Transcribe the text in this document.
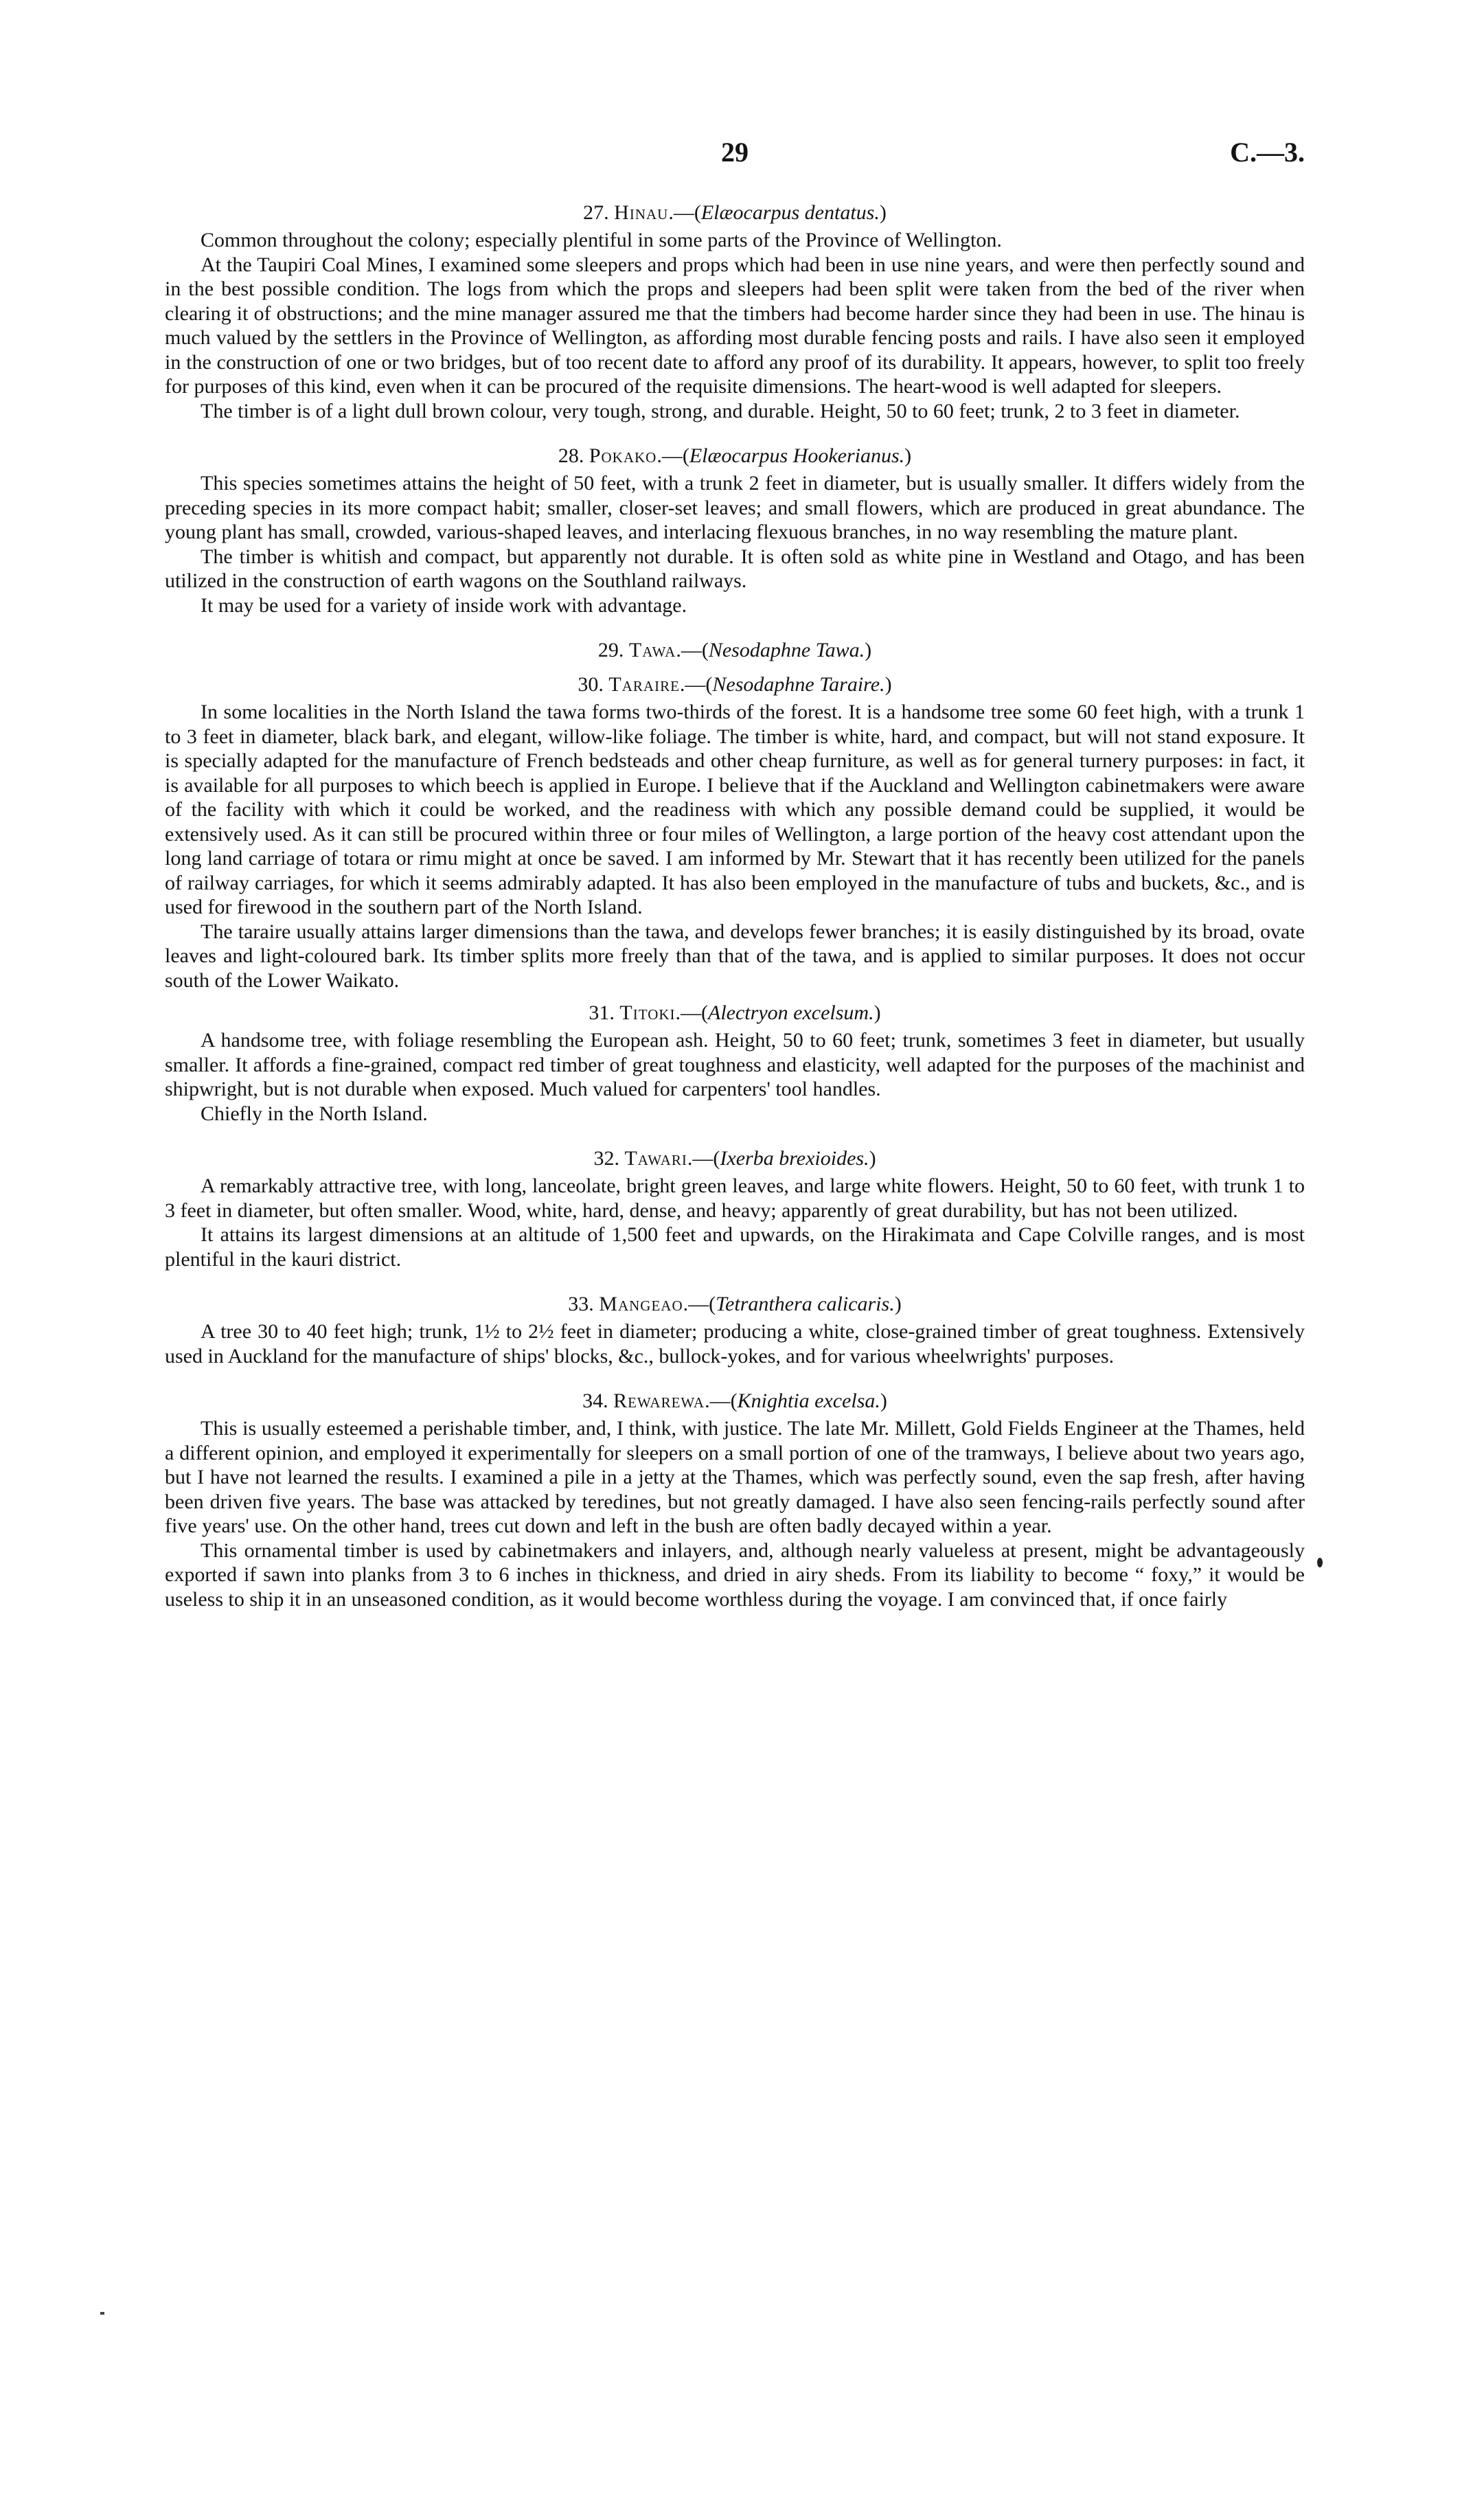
29	C.—3.
27. Hinau.—(Elæocarpus dentatus.)

Common throughout the colony; especially plentiful in some parts of the Province of Wellington.

At the Taupiri Coal Mines, I examined some sleepers and props which had been in use nine years, and were then perfectly sound and in the best possible condition. The logs from which the props and sleepers had been split were taken from the bed of the river when clearing it of obstructions; and the mine manager assured me that the timbers had become harder since they had been in use. The hinau is much valued by the settlers in the Province of Wellington, as affording most durable fencing posts and rails. I have also seen it employed in the construction of one or two bridges, but of too recent date to afford any proof of its durability. It appears, however, to split too freely for purposes of this kind, even when it can be procured of the requisite dimensions. The heart-wood is well adapted for sleepers.

The timber is of a light dull brown colour, very tough, strong, and durable. Height, 50 to 60 feet; trunk, 2 to 3 feet in diameter.

28. Pokako.—(Elæocarpus Hookerianus.)

This species sometimes attains the height of 50 feet, with a trunk 2 feet in diameter, but is usually smaller. It differs widely from the preceding species in its more compact habit; smaller, closer-set leaves; and small flowers, which are produced in great abundance. The young plant has small, crowded, various-shaped leaves, and interlacing flexuous branches, in no way resembling the mature plant.

The timber is whitish and compact, but apparently not durable. It is often sold as white pine in Westland and Otago, and has been utilized in the construction of earth wagons on the Southland railways.

It may be used for a variety of inside work with advantage.

29. Tawa.—(Nesodaphne Tawa.)
30. Taraire.—(Nesodaphne Taraire.)

In some localities in the North Island the tawa forms two-thirds of the forest. It is a handsome tree some 60 feet high, with a trunk 1 to 3 feet in diameter, black bark, and elegant, willow-like foliage. The timber is white, hard, and compact, but will not stand exposure. It is specially adapted for the manufacture of French bedsteads and other cheap furniture, as well as for general turnery purposes: in fact, it is available for all purposes to which beech is applied in Europe. I believe that if the Auckland and Wellington cabinetmakers were aware of the facility with which it could be worked, and the readiness with which any possible demand could be supplied, it would be extensively used. As it can still be procured within three or four miles of Wellington, a large portion of the heavy cost attendant upon the long land carriage of totara or rimu might at once be saved. I am informed by Mr. Stewart that it has recently been utilized for the panels of railway carriages, for which it seems admirably adapted. It has also been employed in the manufacture of tubs and buckets, &c., and is used for firewood in the southern part of the North Island.

The taraire usually attains larger dimensions than the tawa, and develops fewer branches; it is easily distinguished by its broad, ovate leaves and light-coloured bark. Its timber splits more freely than that of the tawa, and is applied to similar purposes. It does not occur south of the Lower Waikato.

31. Titoki.—(Alectryon excelsum.)

A handsome tree, with foliage resembling the European ash. Height, 50 to 60 feet; trunk, sometimes 3 feet in diameter, but usually smaller. It affords a fine-grained, compact red timber of great toughness and elasticity, well adapted for the purposes of the machinist and shipwright, but is not durable when exposed. Much valued for carpenters' tool handles.

Chiefly in the North Island.

32. Tawari.—(Ixerba brexioides.)

A remarkably attractive tree, with long, lanceolate, bright green leaves, and large white flowers. Height, 50 to 60 feet, with trunk 1 to 3 feet in diameter, but often smaller. Wood, white, hard, dense, and heavy; apparently of great durability, but has not been utilized.

It attains its largest dimensions at an altitude of 1,500 feet and upwards, on the Hirakimata and Cape Colville ranges, and is most plentiful in the kauri district.

33. Mangeao.—(Tetranthera calicaris.)

A tree 30 to 40 feet high; trunk, 1½ to 2½ feet in diameter; producing a white, close-grained timber of great toughness. Extensively used in Auckland for the manufacture of ships' blocks, &c., bullock-yokes, and for various wheelwrights' purposes.

34. Rewarewa.—(Knightia excelsa.)

This is usually esteemed a perishable timber, and, I think, with justice. The late Mr. Millett, Gold Fields Engineer at the Thames, held a different opinion, and employed it experimentally for sleepers on a small portion of one of the tramways, I believe about two years ago, but I have not learned the results. I examined a pile in a jetty at the Thames, which was perfectly sound, even the sap fresh, after having been driven five years. The base was attacked by teredines, but not greatly damaged. I have also seen fencing-rails perfectly sound after five years' use. On the other hand, trees cut down and left in the bush are often badly decayed within a year.

This ornamental timber is used by cabinetmakers and inlayers, and, although nearly valueless at present, might be advantageously exported if sawn into planks from 3 to 6 inches in thickness, and dried in airy sheds. From its liability to become “ foxy,” it would be useless to ship it in an unseasoned condition, as it would become worthless during the voyage. I am convinced that, if once fairly
